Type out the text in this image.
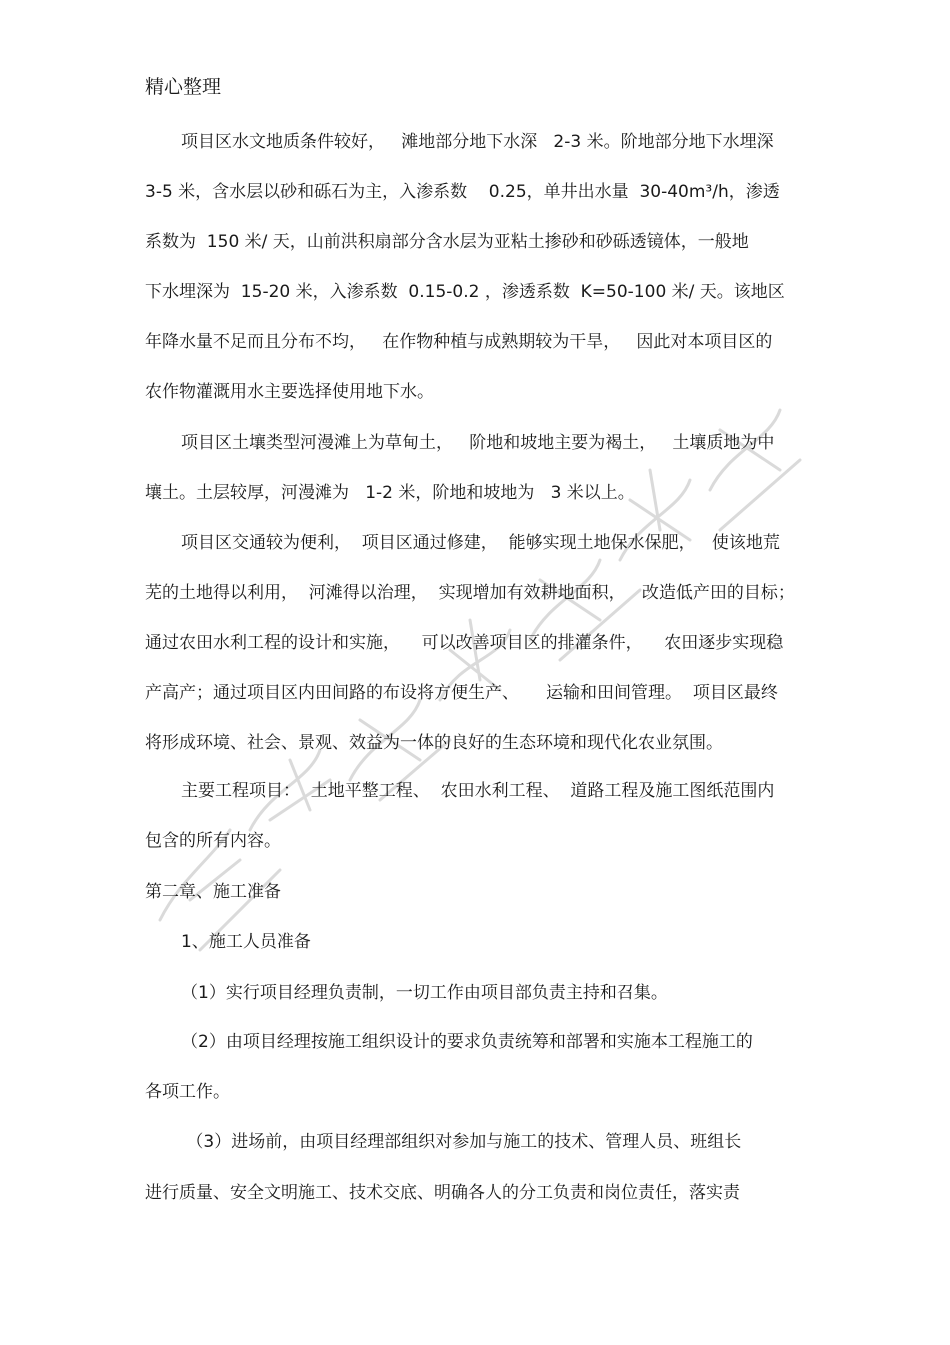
精心整理

项目区水文地质条件较好，   滩地部分地下水深   2-3 米。阶地部分地下水埋深

3-5 米，含水层以砂和砾石为主，入渗系数    0.25，单井出水量  30-40m³/h，渗透

系数为  150 米/ 天，山前洪积扇部分含水层为亚粘土掺砂和砂砾透镜体，一般地

下水埋深为  15-20 米，入渗系数  0.15-0.2 ，渗透系数  K=50-100 米/ 天。该地区

年降水量不足而且分布不均，   在作物种植与成熟期较为干旱，   因此对本项目区的

农作物灌溉用水主要选择使用地下水。

项目区土壤类型河漫滩上为草甸土，   阶地和坡地主要为褐土，   土壤质地为中

壤土。土层较厚，河漫滩为   1-2 米，阶地和坡地为   3 米以上。

项目区交通较为便利，  项目区通过修建，  能够实现土地保水保肥，   使该地荒

芜的土地得以利用，  河滩得以治理，  实现增加有效耕地面积，   改造低产田的目标；

通过农田水利工程的设计和实施，    可以改善项目区的排灌条件，    农田逐步实现稳

产高产；通过项目区内田间路的布设将方便生产、     运输和田间管理。  项目区最终

将形成环境、社会、景观、效益为一体的良好的生态环境和现代化农业氛围。

主要工程项目：  土地平整工程、  农田水利工程、  道路工程及施工图纸范围内

包含的所有内容。

第二章、施工准备

1、施工人员准备

（1）实行项目经理负责制，一切工作由项目部负责主持和召集。

（2）由项目经理按施工组织设计的要求负责统筹和部署和实施本工程施工的

各项工作。

（3）进场前，由项目经理部组织对参加与施工的技术、管理人员、班组长

进行质量、安全文明施工、技术交底、明确各人的分工负责和岗位责任，落实责
